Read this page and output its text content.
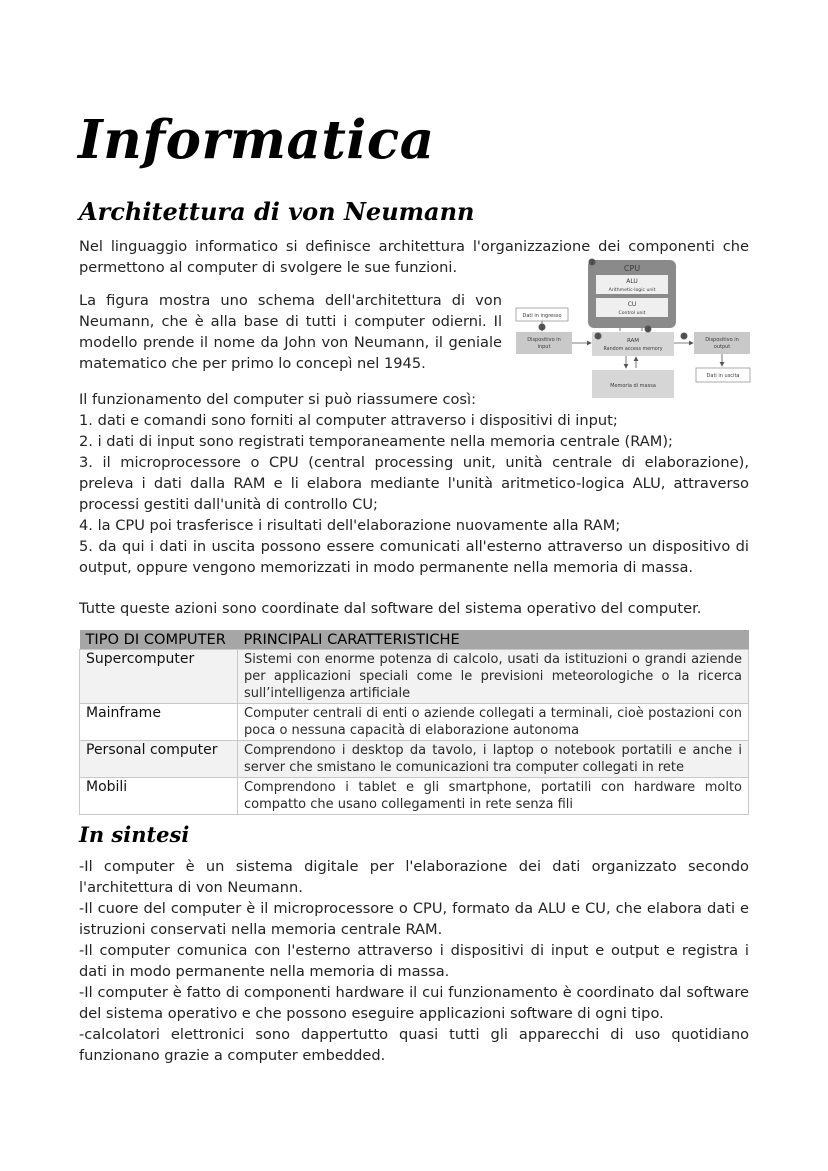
Informatica
Architettura di von Neumann
Nel linguaggio informatico si definisce architettura l'organizzazione dei componenti che permettono al computer di svolgere le sue funzioni.
La figura mostra uno schema dell'architettura di von Neumann, che è alla base di tutti i computer odierni. Il modello prende il nome da John von Neumann, il geniale matematico che per primo lo concepì nel 1945.
CPU
ALU
Arithmetic-logic unit
CU
Control unit
Dati in ingresso
Dispositivo in
input
RAM
Random access memory
Dispositivo in
output
Dati in uscita
Memoria di massa
3
1
2
4
5
Il funzionamento del computer si può riassumere così:
1. dati e comandi sono forniti al computer attraverso i dispositivi di input;
2. i dati di input sono registrati temporaneamente nella memoria centrale (RAM);
3. il microprocessore o CPU (central processing unit, unità centrale di elaborazione), preleva i dati dalla RAM e li elabora mediante l'unità aritmetico-logica ALU, attraverso processi gestiti dall'unità di controllo CU;
4. la CPU poi trasferisce i risultati dell'elaborazione nuovamente alla RAM;
5. da qui i dati in uscita possono essere comunicati all'esterno attraverso un dispositivo di output, oppure vengono memorizzati in modo permanente nella memoria di massa.
Tutte queste azioni sono coordinate dal software del sistema operativo del computer.
TIPO DI COMPUTER	PRINCIPALI CARATTERISTICHE
Supercomputer	Sistemi con enorme potenza di calcolo, usati da istituzioni o grandi aziende per applicazioni speciali come le previsioni meteorologiche o la ricerca sull’intelligenza artificiale
Mainframe	Computer centrali di enti o aziende collegati a terminali, cioè postazioni con poca o nessuna capacità di elaborazione autonoma
Personal computer	Comprendono i desktop da tavolo, i laptop o notebook portatili e anche i server che smistano le comunicazioni tra computer collegati in rete
Mobili	Comprendono i tablet e gli smartphone, portatili con hardware molto compatto che usano collegamenti in rete senza fili
In sintesi

-Il computer è un sistema digitale per l'elaborazione dei dati organizzato secondo l'architettura di von Neumann.

-Il cuore del computer è il microprocessore o CPU, formato da ALU e CU, che elabora dati e istruzioni conservati nella memoria centrale RAM.

-Il computer comunica con l'esterno attraverso i dispositivi di input e output e registra i dati in modo permanente nella memoria di massa.

-Il computer è fatto di componenti hardware il cui funzionamento è coordinato dal software del sistema operativo e che possono eseguire applicazioni software di ogni tipo.

-calcolatori elettronici sono dappertutto quasi tutti gli apparecchi di uso quotidiano funzionano grazie a computer embedded.
